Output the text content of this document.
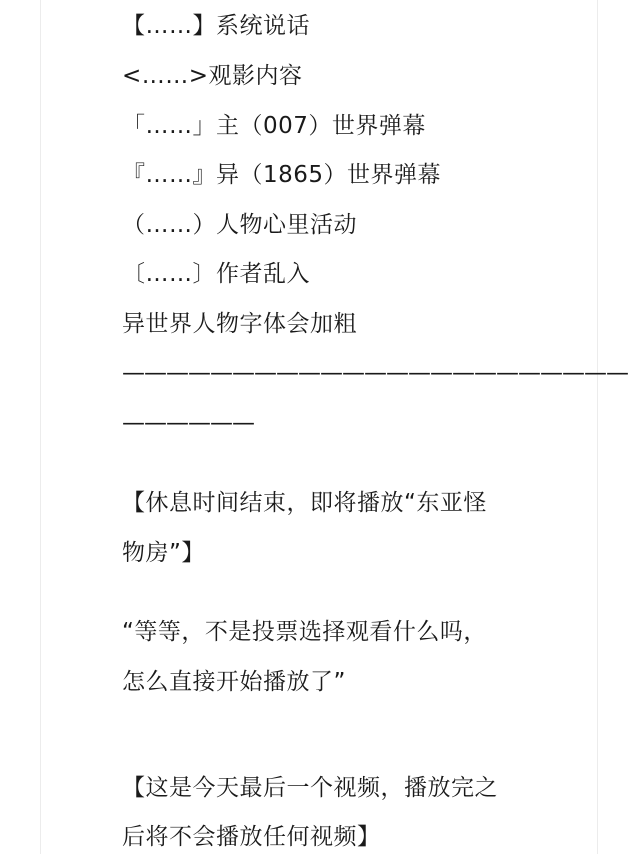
【……】系统说话
<……>观影内容
「……」主（007）世界弹幕
『……』异（1865）世界弹幕
（……）人物心里活动
〔……〕作者乱入
异世界人物字体会加粗
———————————————————————
——————
【休息时间结束，即将播放“东亚怪
物房”】
“等等，不是投票选择观看什么吗，
怎么直接开始播放了”
【这是今天最后一个视频，播放完之
后将不会播放任何视频】
